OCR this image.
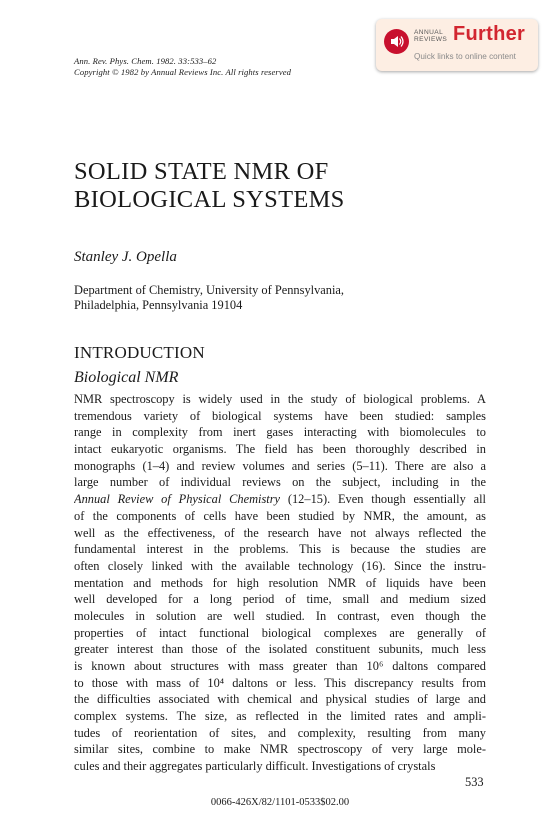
Ann. Rev. Phys. Chem. 1982. 33:533–62
Copyright © 1982 by Annual Reviews Inc. All rights reserved
ANNUAL
REVIEWS Further
Quick links to online content
SOLID STATE NMR OF
BIOLOGICAL SYSTEMS
Stanley J. Opella
Department of Chemistry, University of Pennsylvania,
Philadelphia, Pennsylvania 19104
INTRODUCTION
Biological NMR
NMR spectroscopy is widely used in the study of biological problems. A
tremendous variety of biological systems have been studied: samples
range in complexity from inert gases interacting with biomolecules to
intact eukaryotic organisms. The field has been thoroughly described in
monographs (1–4) and review volumes and series (5–11). There are also a
large number of individual reviews on the subject, including in the
Annual Review of Physical Chemistry (12–15). Even though essentially all
of the components of cells have been studied by NMR, the amount, as
well as the effectiveness, of the research have not always reflected the
fundamental interest in the problems. This is because the studies are
often closely linked with the available technology (16). Since the instru-
mentation and methods for high resolution NMR of liquids have been
well developed for a long period of time, small and medium sized
molecules in solution are well studied. In contrast, even though the
properties of intact functional biological complexes are generally of
greater interest than those of the isolated constituent subunits, much less
is known about structures with mass greater than 10⁶ daltons compared
to those with mass of 10⁴ daltons or less. This discrepancy results from
the difficulties associated with chemical and physical studies of large and
complex systems. The size, as reflected in the limited rates and ampli-
tudes of reorientation of sites, and complexity, resulting from many
similar sites, combine to make NMR spectroscopy of very large mole-
cules and their aggregates particularly difficult. Investigations of crystals
533
0066-426X/82/1101-0533$02.00
